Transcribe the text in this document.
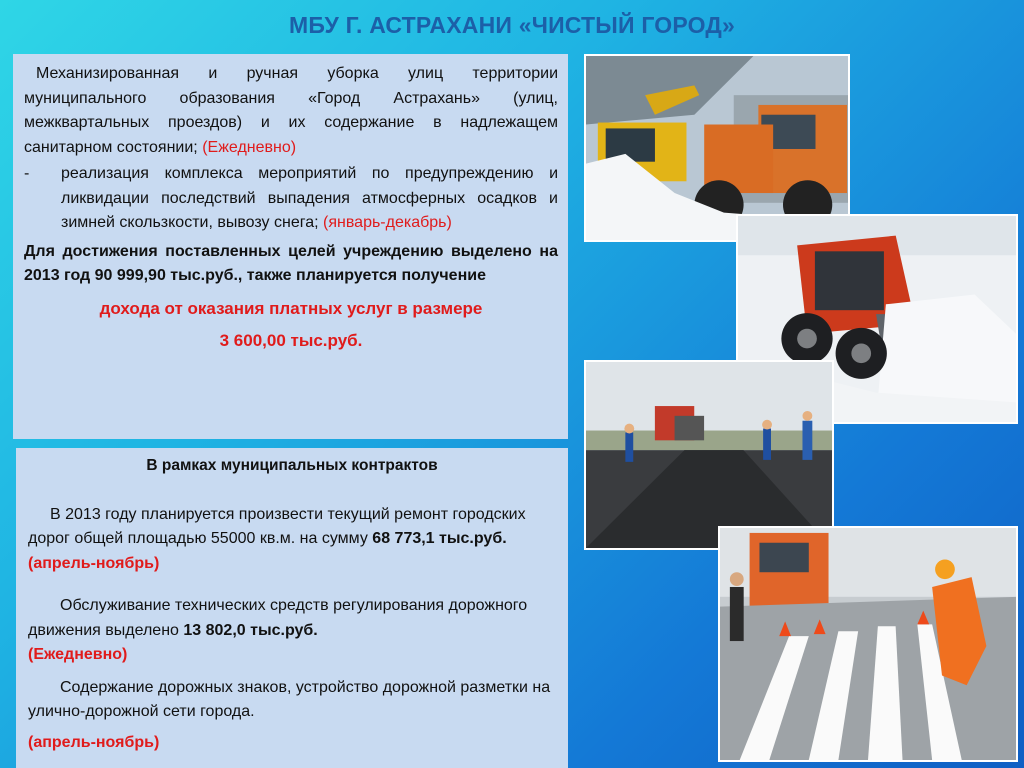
МБУ Г. АСТРАХАНИ «ЧИСТЫЙ ГОРОД»
Механизированная и ручная уборка улиц территории муниципального образования «Город Астрахань» (улиц, межквартальных проездов) и их содержание в надлежащем санитарном состоянии; (Ежедневно)
-	реализация комплекса мероприятий по предупреждению и ликвидации последствий выпадения атмосферных осадков и зимней скользкости, вывозу снега; (январь-декабрь)
Для достижения поставленных целей учреждению выделено на 2013 год 90 999,90 тыс.руб., также планируется получение
дохода от оказания платных услуг в размере
3 600,00 тыс.руб.
В рамках муниципальных контрактов
В 2013 году планируется произвести текущий ремонт городских дорог общей площадью 55000 кв.м. на сумму 68 773,1 тыс.руб. (апрель-ноябрь)
Обслуживание технических средств регулирования дорожного движения выделено 13 802,0 тыс.руб.
(Ежедневно)
Содержание дорожных знаков, устройство дорожной разметки на улично-дорожной сети города.
(апрель-ноябрь)
